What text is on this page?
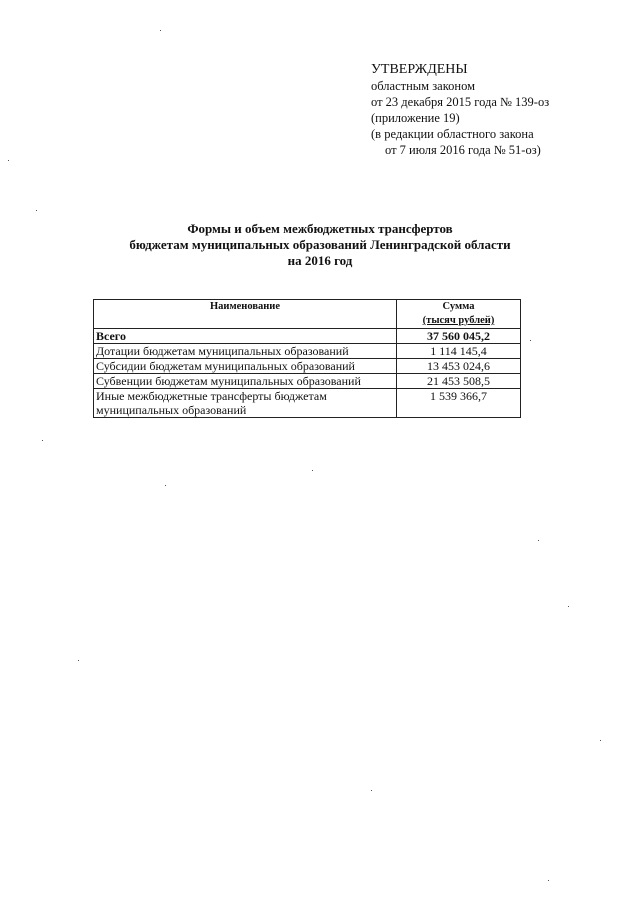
УТВЕРЖДЕНЫ
областным законом
от 23 декабря 2015 года № 139-оз
(приложение 19)
(в редакции областного закона
от 7 июля 2016 года № 51-оз)
Формы и объем межбюджетных трансфертов
бюджетам муниципальных образований Ленинградской области
на 2016 год
Наименование	Сумма
(тысяч рублей)

Всего	37 560 045,2
Дотации бюджетам муниципальных образований	1 114 145,4
Субсидии бюджетам муниципальных образований	13 453 024,6
Субвенции бюджетам муниципальных образований	21 453 508,5
Иные межбюджетные трансферты бюджетам муниципальных образований	1 539 366,7
